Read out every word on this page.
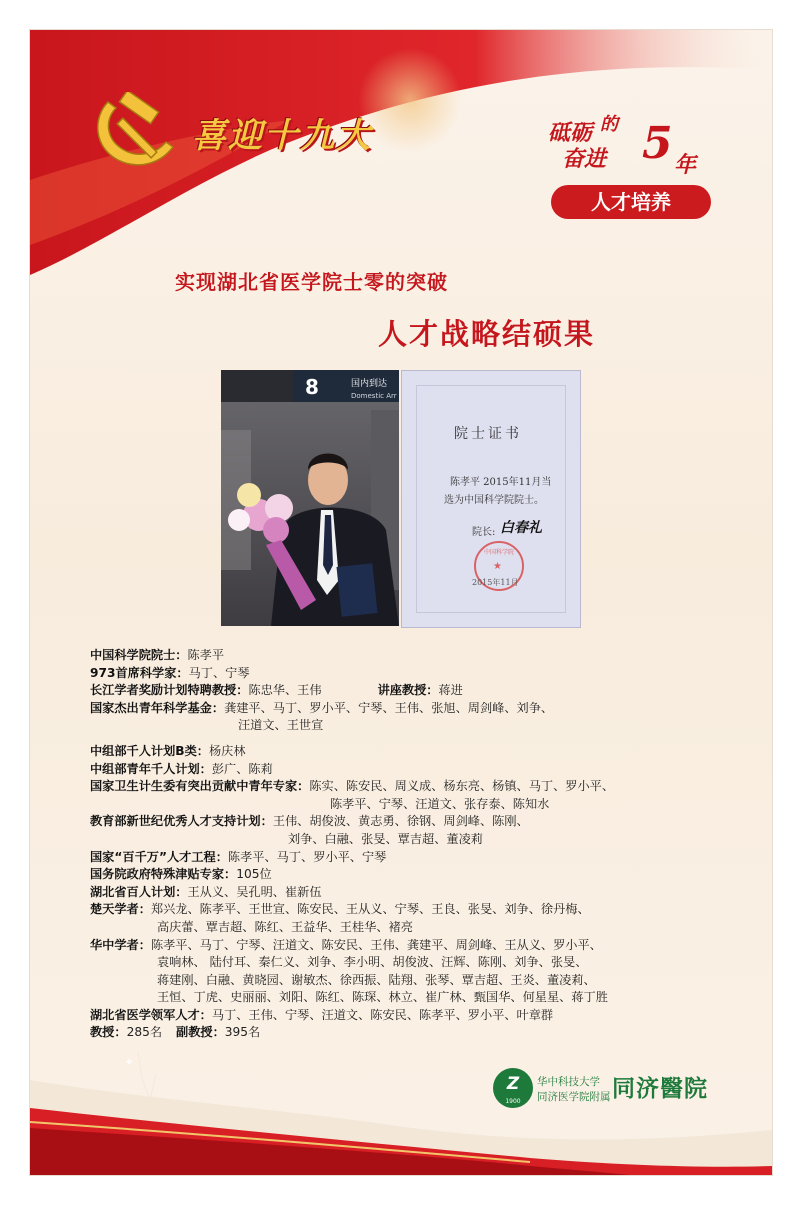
喜迎十九大	砥砺 的
奋进 5 年
人才培养
实现湖北省医学院士零的突破
人才战略结硕果
8	国内到达
Domestic Arr
院士证书
陈孝平 2015年11月当
选为中国科学院院士。
院长: 白春礼
中国科学院
★
2015年11月
中国科学院院士：陈孝平
973首席科学家：马丁、宁琴
长江学者奖励计划特聘教授：陈忠华、王伟	讲座教授：蒋进
国家杰出青年科学基金：龚建平、马丁、罗小平、宁琴、王伟、张旭、周剑峰、刘争、
汪道文、王世宣
中组部千人计划B类：杨庆林
中组部青年千人计划：彭广、陈莉
国家卫生计生委有突出贡献中青年专家：陈实、陈安民、周义成、杨东亮、杨镇、马丁、罗小平、
陈孝平、宁琴、汪道文、张存泰、陈知水
教育部新世纪优秀人才支持计划：王伟、胡俊波、黄志勇、徐钢、周剑峰、陈刚、
刘争、白融、张旻、覃吉超、董凌莉
国家“百千万”人才工程：陈孝平、马丁、罗小平、宁琴
国务院政府特殊津贴专家：105位
湖北省百人计划：王从义、吴孔明、崔新伍
楚天学者：郑兴龙、陈孝平、王世宣、陈安民、王从义、宁琴、王良、张旻、刘争、徐丹梅、
高庆蕾、覃吉超、陈红、王益华、王桂华、褚亮
华中学者：陈孝平、马丁、宁琴、汪道文、陈安民、王伟、龚建平、周剑峰、王从义、罗小平、
袁响林、 陆付耳、秦仁义、刘争、李小明、胡俊波、汪辉、陈刚、刘争、张旻、
蒋建刚、白融、黄晓园、谢敏杰、徐西振、陆翔、张琴、覃吉超、王炎、董凌莉、
王恒、丁虎、史丽丽、刘阳、陈红、陈琛、林立、崔广林、甄国华、何星星、蒋丁胜
湖北省医学领军人才：马丁、王伟、宁琴、汪道文、陈安民、陈孝平、罗小平、叶章群
教授：285名 副教授：395名
Z
1900
华中科技大学
同济医学院附属 同济醫院
✦
